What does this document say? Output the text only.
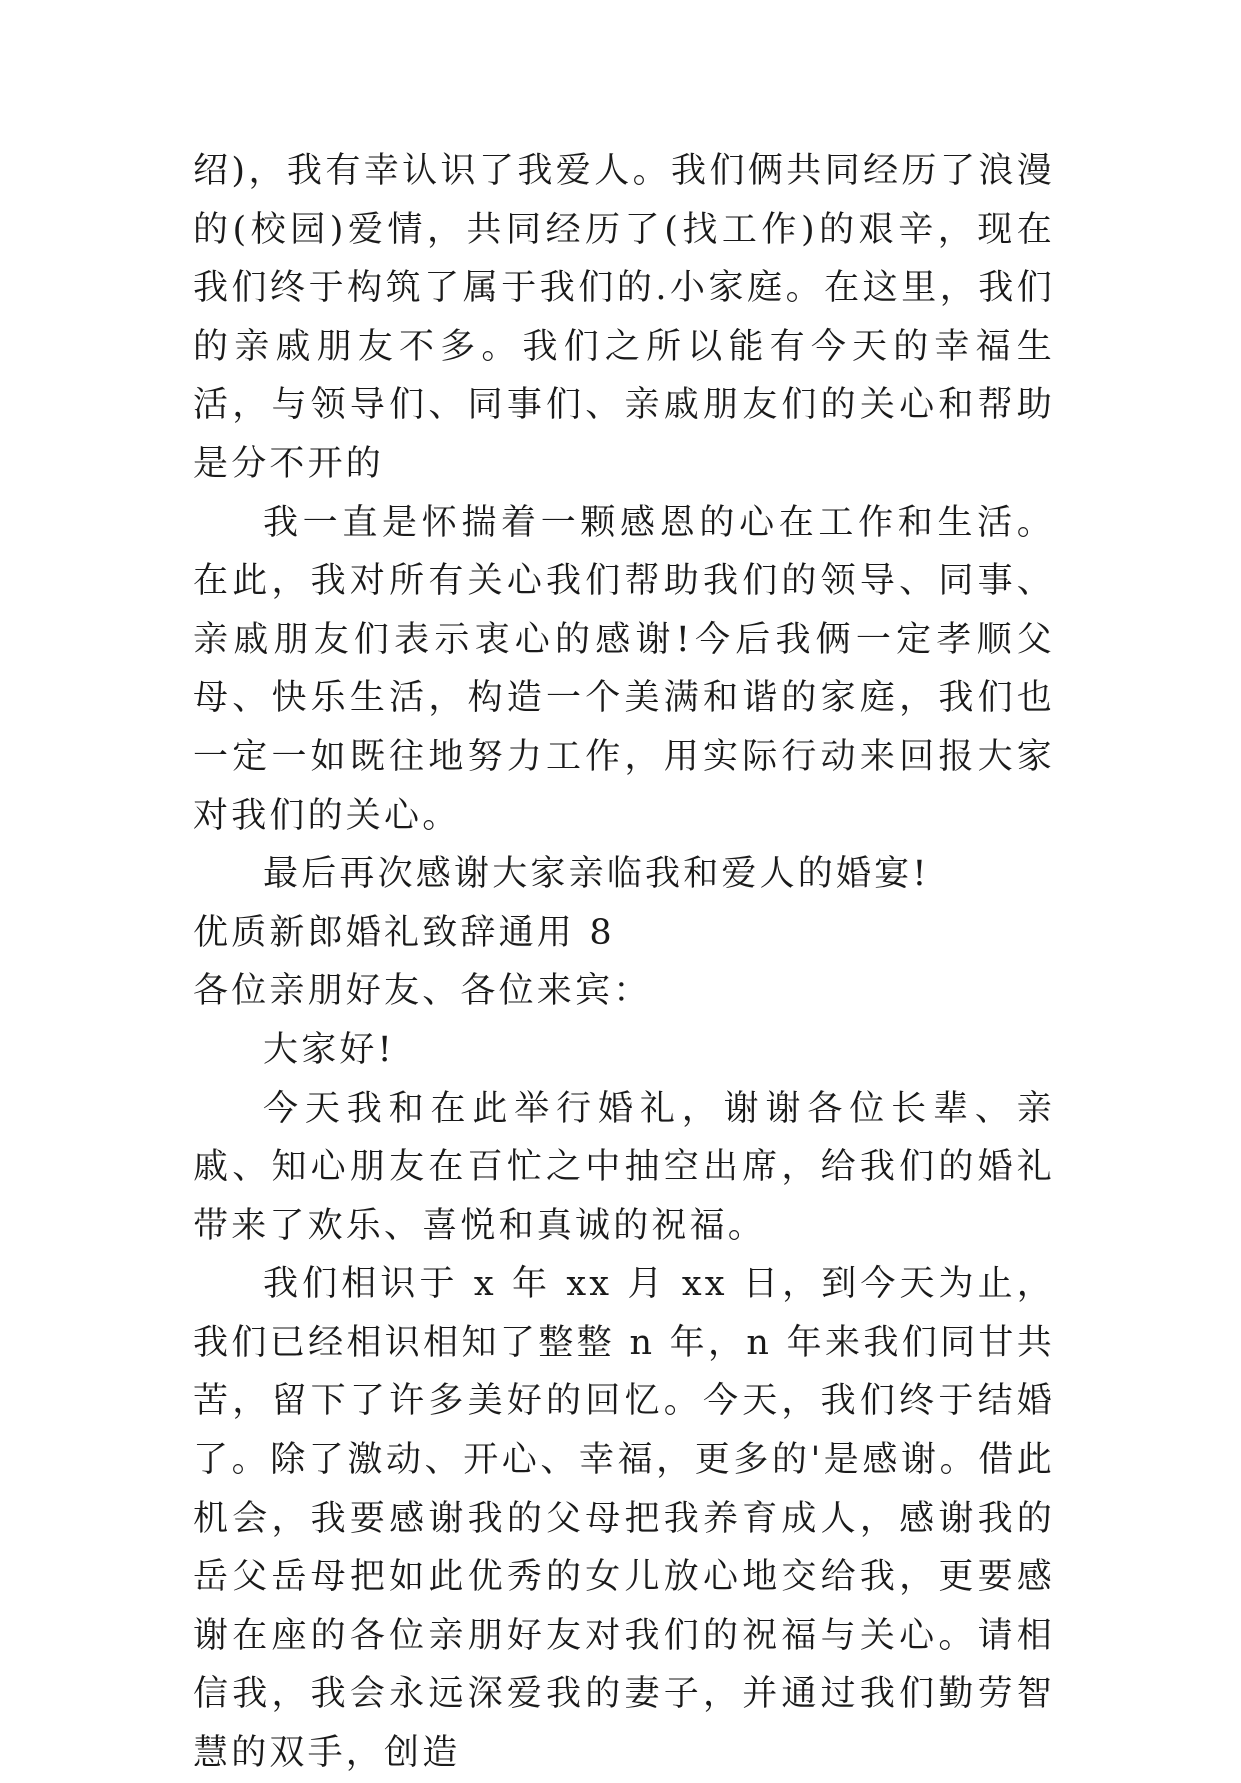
绍)，我有幸认识了我爱人。我们俩共同经历了浪漫的(校园)爱情，共同经历了(找工作)的艰辛，现在我们终于构筑了属于我们的.小家庭。在这里，我们的亲戚朋友不多。我们之所以能有今天的幸福生活，与领导们、同事们、亲戚朋友们的关心和帮助是分不开的

我一直是怀揣着一颗感恩的心在工作和生活。在此，我对所有关心我们帮助我们的领导、同事、亲戚朋友们表示衷心的感谢!今后我俩一定孝顺父母、快乐生活，构造一个美满和谐的家庭，我们也一定一如既往地努力工作，用实际行动来回报大家对我们的关心。

最后再次感谢大家亲临我和爱人的婚宴!

优质新郎婚礼致辞通用 8

各位亲朋好友、各位来宾：

大家好!

今天我和在此举行婚礼，谢谢各位长辈、亲戚、知心朋友在百忙之中抽空出席，给我们的婚礼带来了欢乐、喜悦和真诚的祝福。

我们相识于 x 年 xx 月 xx 日，到今天为止，我们已经相识相知了整整 n 年，n 年来我们同甘共苦，留下了许多美好的回忆。今天，我们终于结婚了。除了激动、开心、幸福，更多的'是感谢。借此机会，我要感谢我的父母把我养育成人，感谢我的岳父岳母把如此优秀的女儿放心地交给我，更要感谢在座的各位亲朋好友对我们的祝福与关心。请相信我，我会永远深爱我的妻子，并通过我们勤劳智慧的双手，创造
